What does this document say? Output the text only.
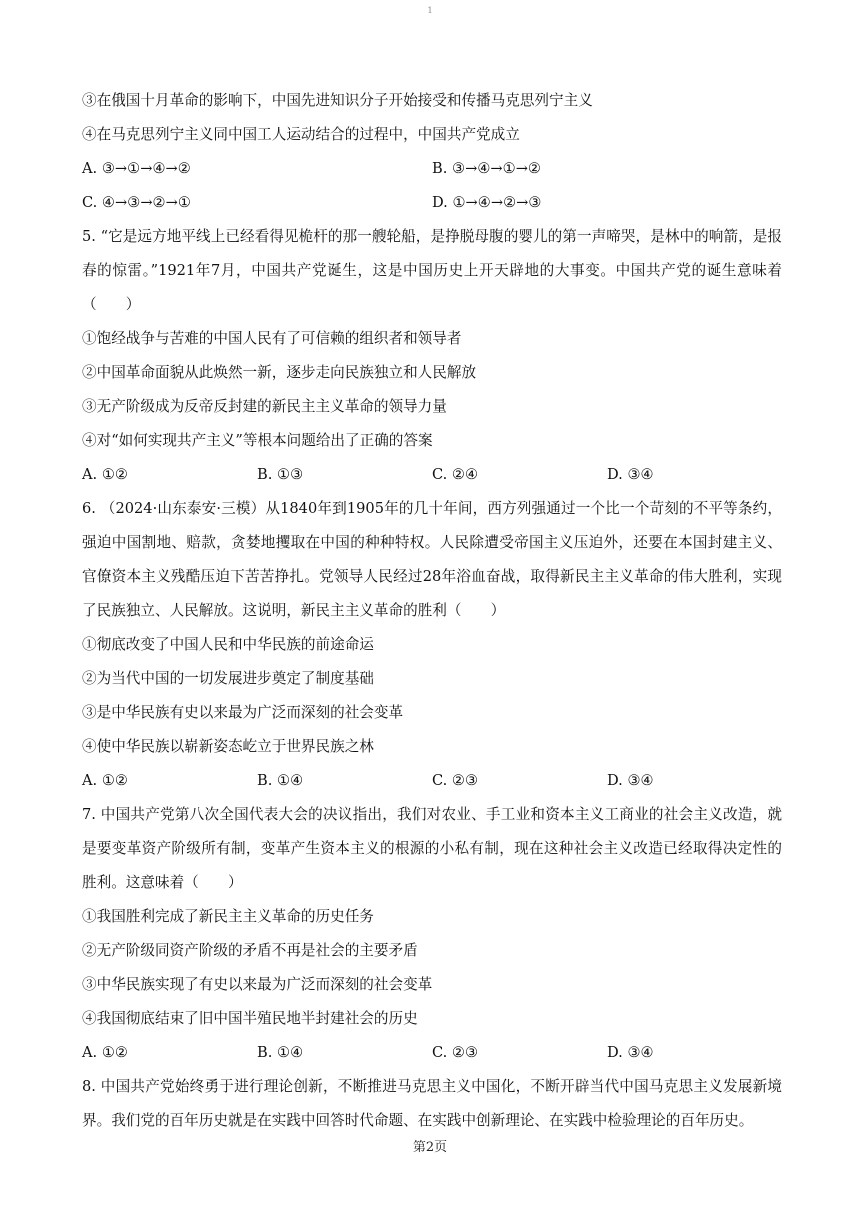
1
③在俄国十月革命的影响下，中国先进知识分子开始接受和传播马克思列宁主义
④在马克思列宁主义同中国工人运动结合的过程中，中国共产党成立
A. ③→①→④→②	B. ③→④→①→②
C. ④→③→②→①	D. ①→④→②→③
5. “它是远方地平线上已经看得见桅杆的那一艘轮船，是挣脱母腹的婴儿的第一声啼哭，是林中的响箭，是报春的惊雷。”1921年7月，中国共产党诞生，这是中国历史上开天辟地的大事变。中国共产党的诞生意味着（　　）
①饱经战争与苦难的中国人民有了可信赖的组织者和领导者
②中国革命面貌从此焕然一新，逐步走向民族独立和人民解放
③无产阶级成为反帝反封建的新民主主义革命的领导力量
④对“如何实现共产主义”等根本问题给出了正确的答案
A. ①②	B. ①③	C. ②④	D. ③④
6. （2024·山东泰安·三模）从1840年到1905年的几十年间，西方列强通过一个比一个苛刻的不平等条约，强迫中国割地、赔款，贪婪地攫取在中国的种种特权。人民除遭受帝国主义压迫外，还要在本国封建主义、官僚资本主义残酷压迫下苦苦挣扎。党领导人民经过28年浴血奋战，取得新民主主义革命的伟大胜利，实现了民族独立、人民解放。这说明，新民主主义革命的胜利（　　）
①彻底改变了中国人民和中华民族的前途命运
②为当代中国的一切发展进步奠定了制度基础
③是中华民族有史以来最为广泛而深刻的社会变革
④使中华民族以崭新姿态屹立于世界民族之林
A. ①②	B. ①④	C. ②③	D. ③④
7. 中国共产党第八次全国代表大会的决议指出，我们对农业、手工业和资本主义工商业的社会主义改造，就是要变革资产阶级所有制，变革产生资本主义的根源的小私有制，现在这种社会主义改造已经取得决定性的胜利。这意味着（　　）
①我国胜利完成了新民主主义革命的历史任务
②无产阶级同资产阶级的矛盾不再是社会的主要矛盾
③中华民族实现了有史以来最为广泛而深刻的社会变革
④我国彻底结束了旧中国半殖民地半封建社会的历史
A. ①②	B. ①④	C. ②③	D. ③④
8. 中国共产党始终勇于进行理论创新，不断推进马克思主义中国化，不断开辟当代中国马克思主义发展新境界。我们党的百年历史就是在实践中回答时代命题、在实践中创新理论、在实践中检验理论的百年历史。
第2页
